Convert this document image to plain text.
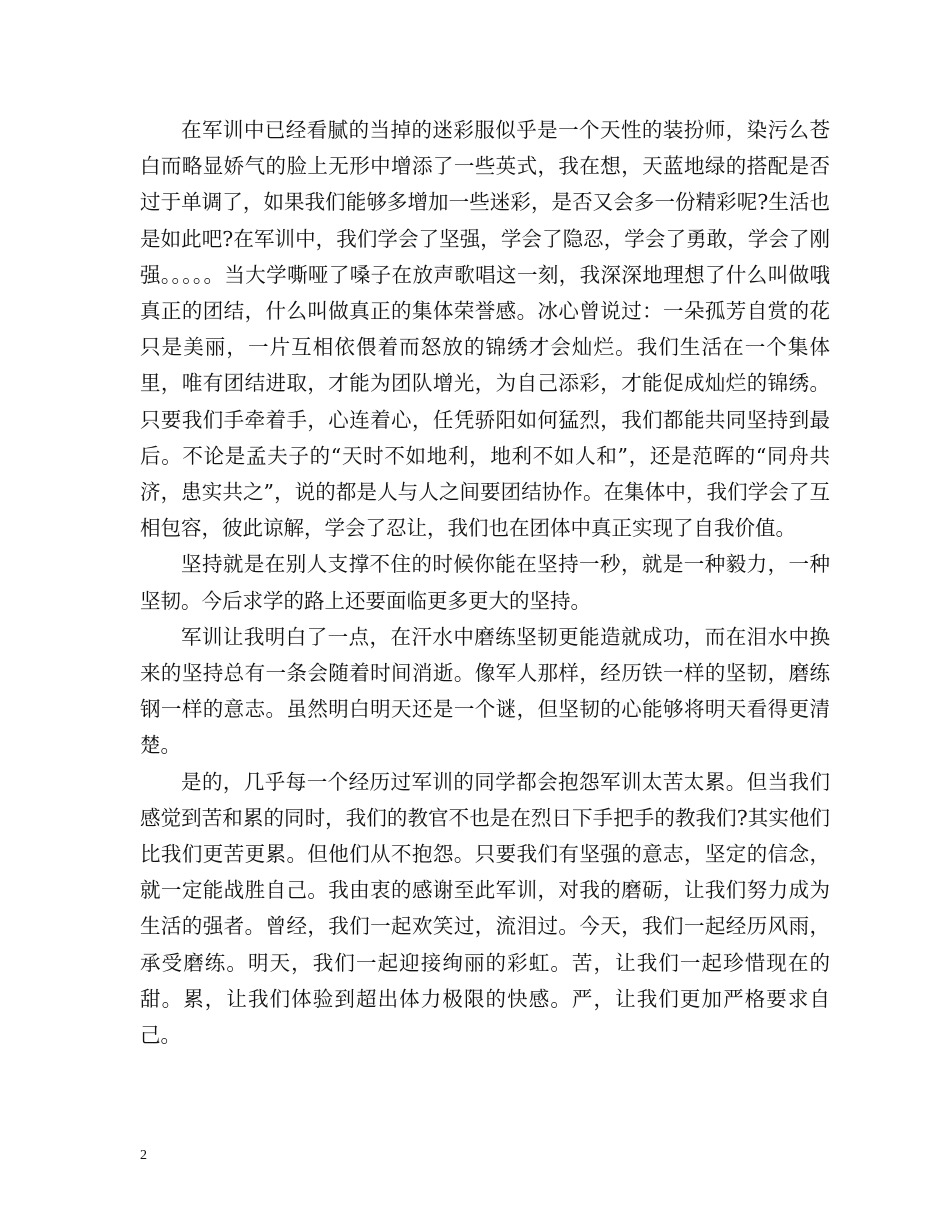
在军训中已经看腻的当掉的迷彩服似乎是一个天性的装扮师，染污么苍白而略显娇气的脸上无形中增添了一些英式，我在想，天蓝地绿的搭配是否过于单调了，如果我们能够多增加一些迷彩，是否又会多一份精彩呢?生活也是如此吧?在军训中，我们学会了坚强，学会了隐忍，学会了勇敢，学会了刚强。。。。。当大学嘶哑了嗓子在放声歌唱这一刻，我深深地理想了什么叫做哦真正的团结，什么叫做真正的集体荣誉感。冰心曾说过：一朵孤芳自赏的花只是美丽，一片互相依偎着而怒放的锦绣才会灿烂。我们生活在一个集体里，唯有团结进取，才能为团队增光，为自己添彩，才能促成灿烂的锦绣。只要我们手牵着手，心连着心，任凭骄阳如何猛烈，我们都能共同坚持到最后。不论是孟夫子的“天时不如地利，地利不如人和”，还是范晖的“同舟共济，患实共之”，说的都是人与人之间要团结协作。在集体中，我们学会了互相包容，彼此谅解，学会了忍让，我们也在团体中真正实现了自我价值。

坚持就是在别人支撑不住的时候你能在坚持一秒，就是一种毅力，一种坚韧。今后求学的路上还要面临更多更大的坚持。

军训让我明白了一点，在汗水中磨练坚韧更能造就成功，而在泪水中换来的坚持总有一条会随着时间消逝。像军人那样，经历铁一样的坚韧，磨练钢一样的意志。虽然明白明天还是一个谜，但坚韧的心能够将明天看得更清楚。

是的，几乎每一个经历过军训的同学都会抱怨军训太苦太累。但当我们感觉到苦和累的同时，我们的教官不也是在烈日下手把手的教我们?其实他们比我们更苦更累。但他们从不抱怨。只要我们有坚强的意志，坚定的信念，就一定能战胜自己。我由衷的感谢至此军训，对我的磨砺，让我们努力成为生活的强者。曾经，我们一起欢笑过，流泪过。今天，我们一起经历风雨，承受磨练。明天，我们一起迎接绚丽的彩虹。苦，让我们一起珍惜现在的甜。累，让我们体验到超出体力极限的快感。严，让我们更加严格要求自己。

2
